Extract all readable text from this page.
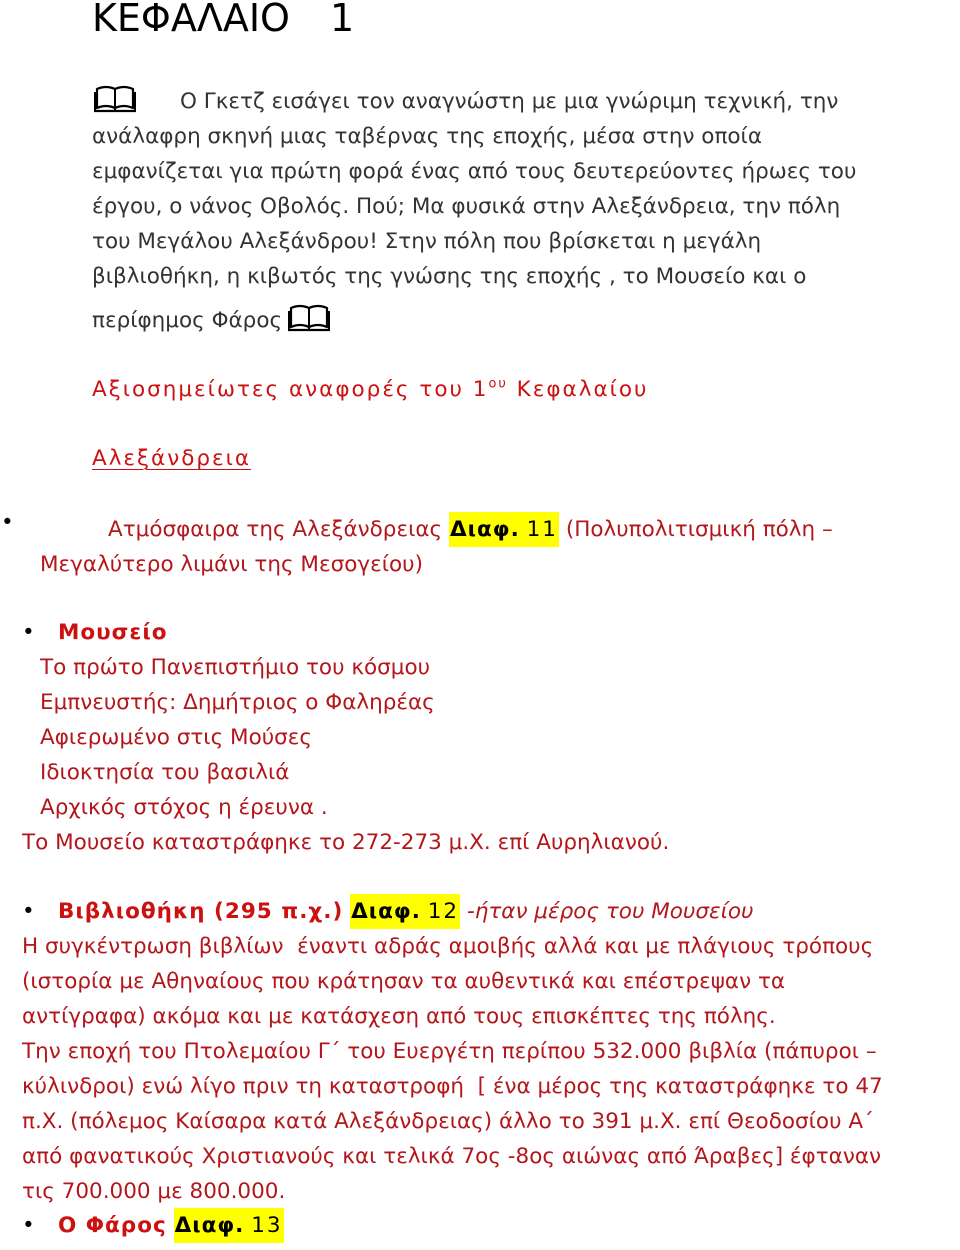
ΚΕΦΑΛΑΙΟ 1
Ο Γκετζ εισάγει τον αναγνώστη με μια γνώριμη τεχνική, την
ανάλαφρη σκηνή μιας ταβέρνας της εποχής, μέσα στην οποία
εμφανίζεται για πρώτη φορά ένας από τους δευτερεύοντες ήρωες του
έργου, ο νάνος Οβολός. Πού; Μα φυσικά στην Αλεξάνδρεια, την πόλη
του Μεγάλου Αλεξάνδρου! Στην πόλη που βρίσκεται η μεγάλη
βιβλιοθήκη, η κιβωτός της γνώσης της εποχής , το Μουσείο και ο
περίφημος Φάρος
Αξιοσημείωτες αναφορές του $1^{o\upsilon}$ Κεφαλαίου
Αλεξάνδρεια
•	Ατμόσφαιρα της Αλεξάνδρειας Διαφ. 11 (Πολυπολιτισμική πόλη –
Μεγαλύτερο λιμάνι της Μεσογείου)
• Μουσείο
Το πρώτο Πανεπιστήμιο του κόσμου
Εμπνευστής: Δημήτριος ο Φαληρέας
Αφιερωμένο στις Μούσες
Ιδιοκτησία του βασιλιά
Αρχικός στόχος η έρευνα .
Το Μουσείο καταστράφηκε το 272-273 μ.Χ. επί Αυρηλιανού.
• Βιβλιοθήκη (295 π.χ.) Διαφ. 12 -ήταν μέρος του Μουσείου
Η συγκέντρωση βιβλίων  έναντι αδράς αμοιβής αλλά και με πλάγιους τρόπους
(ιστορία με Αθηναίους που κράτησαν τα αυθεντικά και επέστρεψαν τα
αντίγραφα) ακόμα και με κατάσχεση από τους επισκέπτες της πόλης.
Την εποχή του Πτολεμαίου Γ΄ του Ευεργέτη περίπου 532.000 βιβλία (πάπυροι –
κύλινδροι) ενώ λίγο πριν τη καταστροφή  [ ένα μέρος της καταστράφηκε το 47
π.Χ. (πόλεμος Καίσαρα κατά Αλεξάνδρειας) άλλο το 391 μ.Χ. επί Θεοδοσίου Α΄
από φανατικούς Χριστιανούς και τελικά 7ος -8ος αιώνας από Άραβες] έφταναν
τις 700.000 με 800.000.
• Ο Φάρος Διαφ. 13
